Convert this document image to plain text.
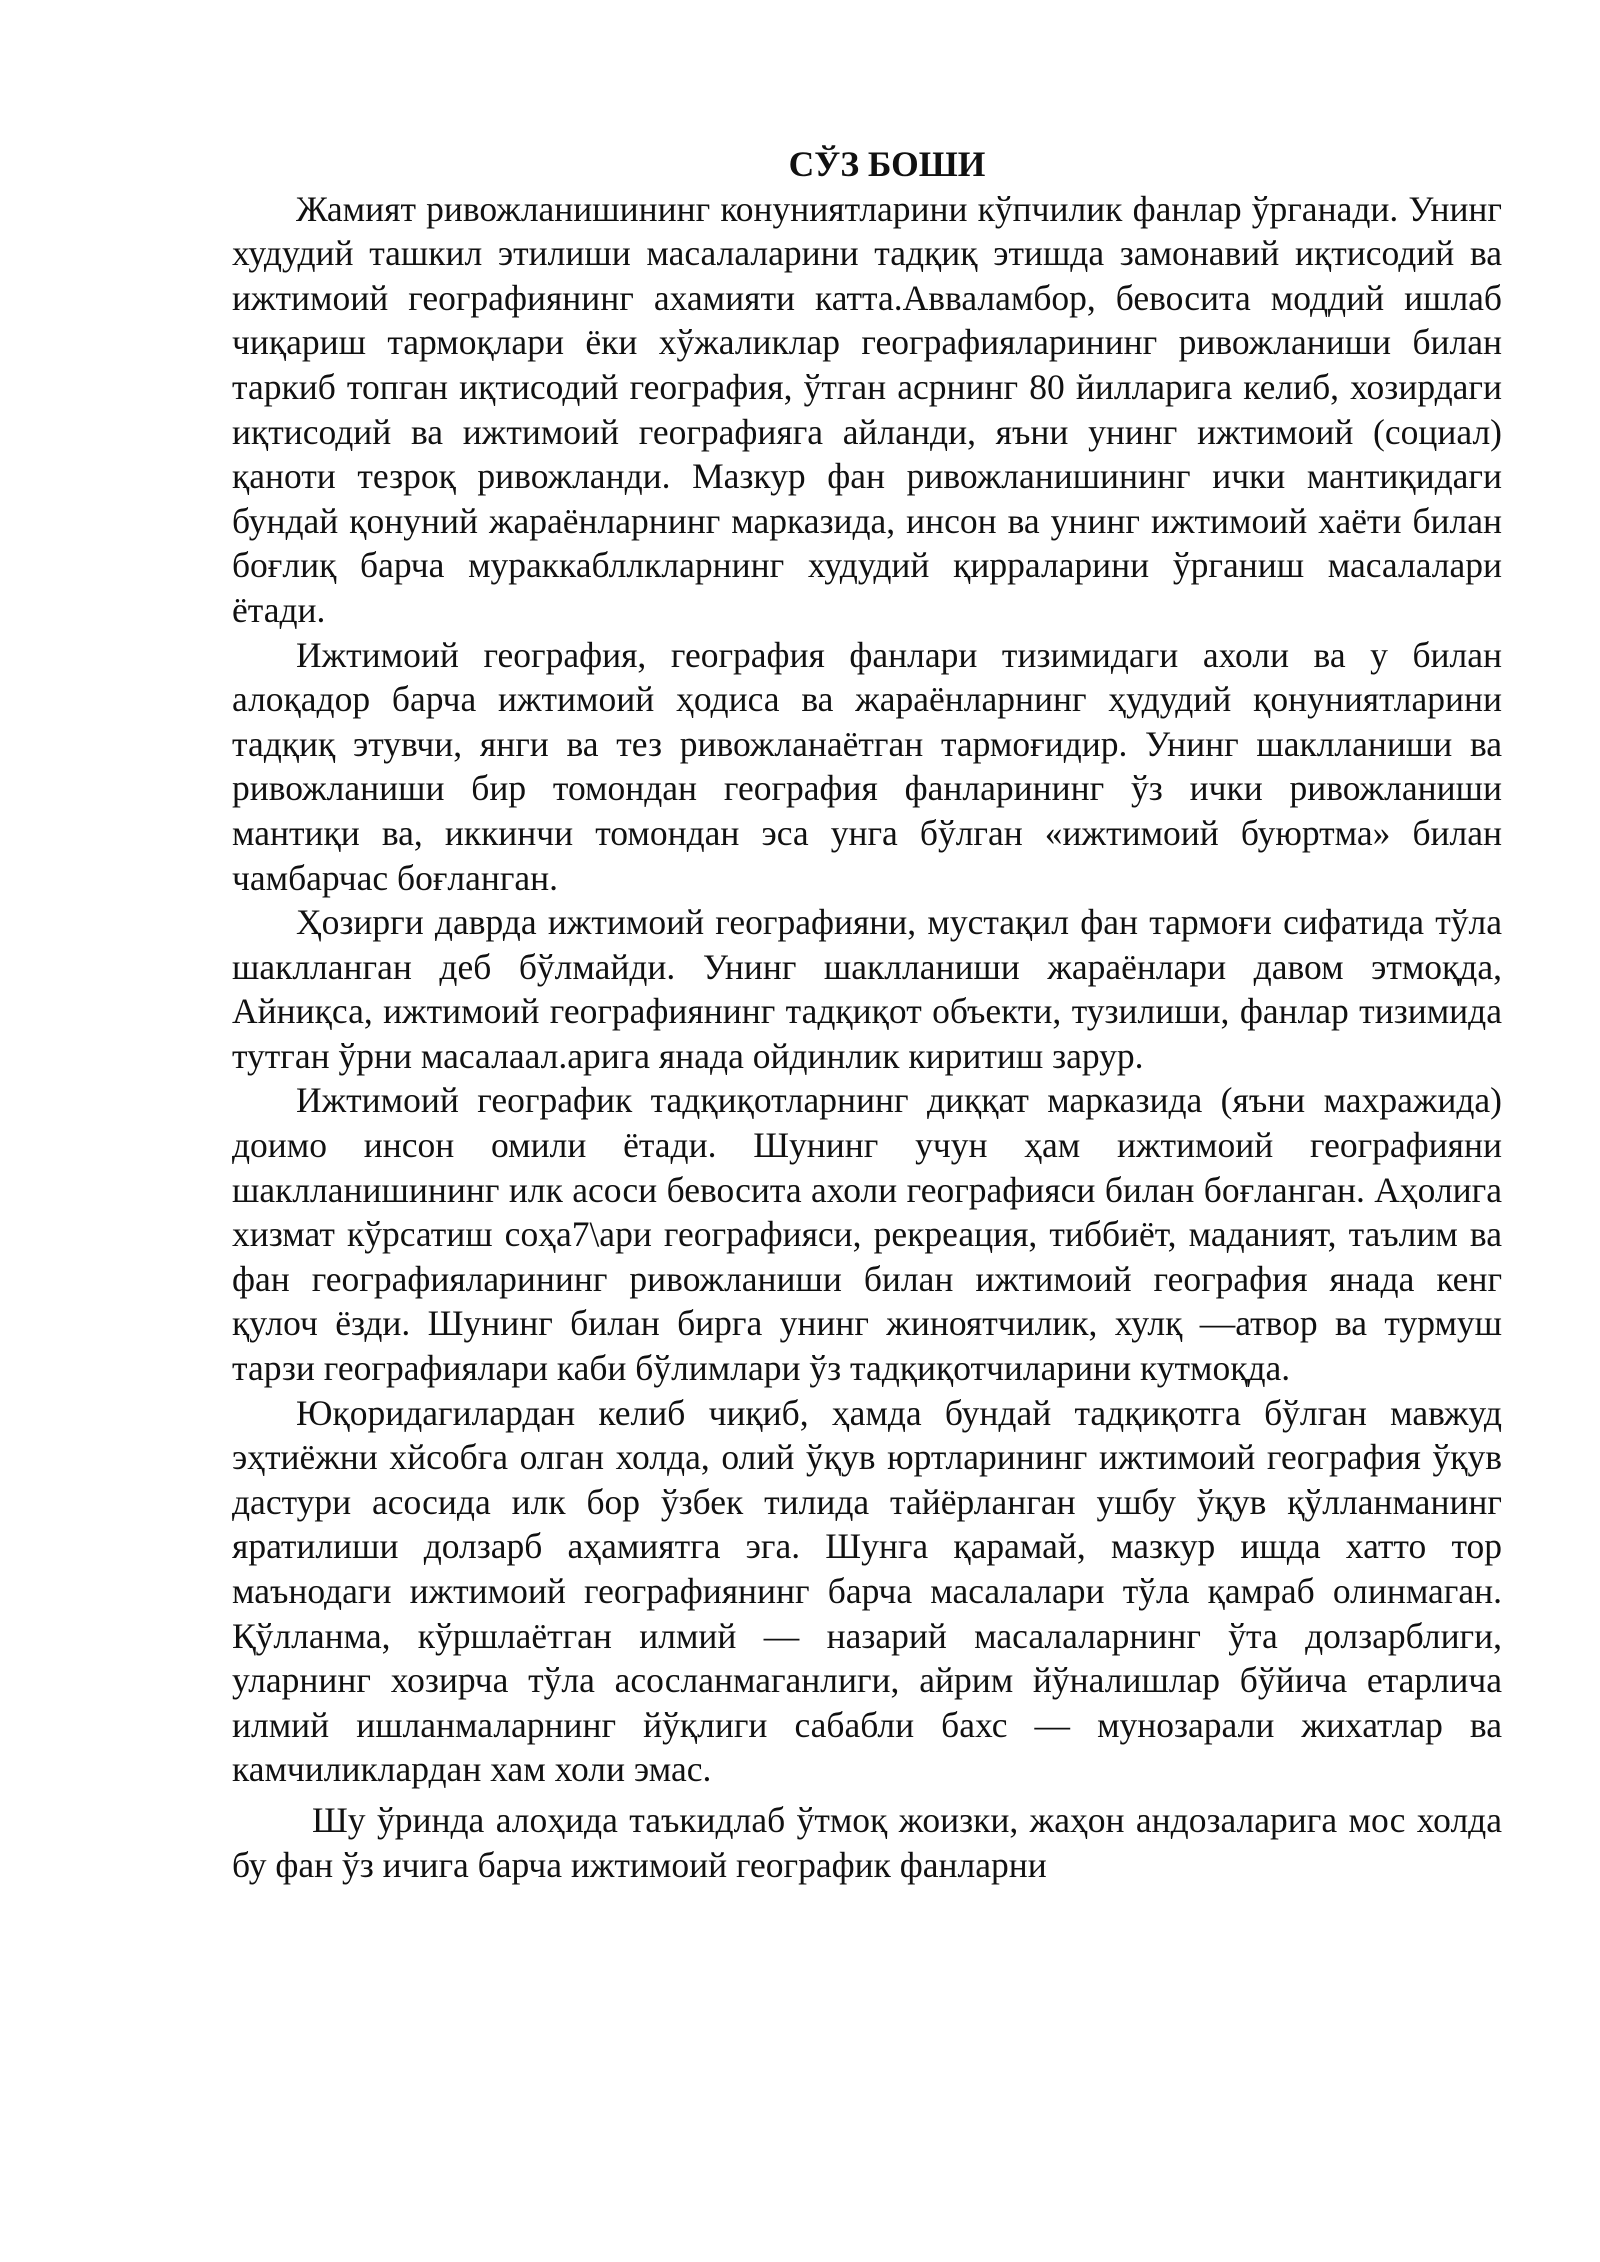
СЎЗ БОШИ

Жамият ривожланишининг конуниятларини кўпчилик фанлар ўрганади. Унинг худудий ташкил этилиши масалаларини тадқиқ этишда замонавий иқтисодий ва ижтимоий географиянинг ахамияти катта.Аввалaмбор, бевосита моддий ишлаб чиқариш тармоқлари ёки хўжаликлар географияларининг ривожланиши билан таркиб топган иқтисодий география, ўтган асрнинг 80 йилларига келиб, хозирдаги иқтисодий ва ижтимоий географияга айланди, яъни унинг ижтимоий (социал) қаноти тезроқ ривожланди. Мазкур фан ривожланишининг ички мантиқидаги бундай қонуний жараёнларнинг марказида, инсон ва унинг ижтимоий хаёти билан боғлиқ барча мураккабллкларнинг худудий қирраларини ўрганиш масалалари ётади.

Ижтимоий география, география фанлари тизимидаги ахоли ва у билан алоқадор барча ижтимоий ҳодиса ва жараёнларнинг ҳудудий қонуниятларини тадқиқ этувчи, янги ва тез ривожланаётган тармоғидир. Унинг шаклланиши ва ривожланиши бир томондан география фанларининг ўз ички ривожланиши мантиқи ва, иккинчи томондан эса унга бўлган «ижтимоий буюртма» билан чамбарчас боғланган.

Ҳозирги даврда ижтимоий географияни, мустақил фан тармоғи сифатида тўла шаклланган деб бўлмайди. Унинг шаклланиши жараёнлари давом этмоқда, Айниқса, ижтимоий географиянинг тадқиқот объекти, тузилиши, фанлар тизимида тутган ўрни масалаал.арига янада ойдинлик киритиш зарур.

Ижтимоий географик тадқиқотларнинг диққат марказида (яъни махражида) доимо инсон омили ётади. Шунинг учун ҳам ижтимоий географияни шаклланишининг илк асоси бевосита ахоли географияси билан боғланган. Аҳолига хизмат кўрсатиш соҳа7\ари географияси, рекреация, тиббиёт, маданият, таълим ва фан географияларининг ривожланиши билан ижтимоий география янада кенг қулоч ёзди. Шунинг билан бирга унинг жиноятчилик, хулқ —атвор ва турмуш тарзи географиялари каби бўлимлари ўз тадқиқотчиларини кутмоқда.

Юқоридагилардан келиб чиқиб, ҳамда бундай тадқиқотга бўлган мавжуд эҳтиёжни хйсобга олган холда, олий ўқув юртларининг ижтимоий география ўқув дастури асосида илк бор ўзбек тилида тайёрланган ушбу ўқув қўлланманинг яратилиши долзарб аҳамиятга эга. Шунга қарамай, мазкур ишда хатто тор маънодаги ижтимоий географиянинг барча масалалари тўла қамраб олинмаган. Қўлланма, кўршлаётган илмий — назарий масалаларнинг ўта долзарблиги, уларнинг хозирча тўла асосланмаганлиги, айрим йўналишлар бўйича етарлича илмий ишланмаларнинг йўқлиги сабабли бахс — мунозарали жихатлар ва камчиликлардан хам холи эмас.

Шу ўринда алоҳида таъкидлаб ўтмоқ жоизки, жаҳон андозаларига мос холда бу фан ўз ичига барча ижтимоий географик фанларни
